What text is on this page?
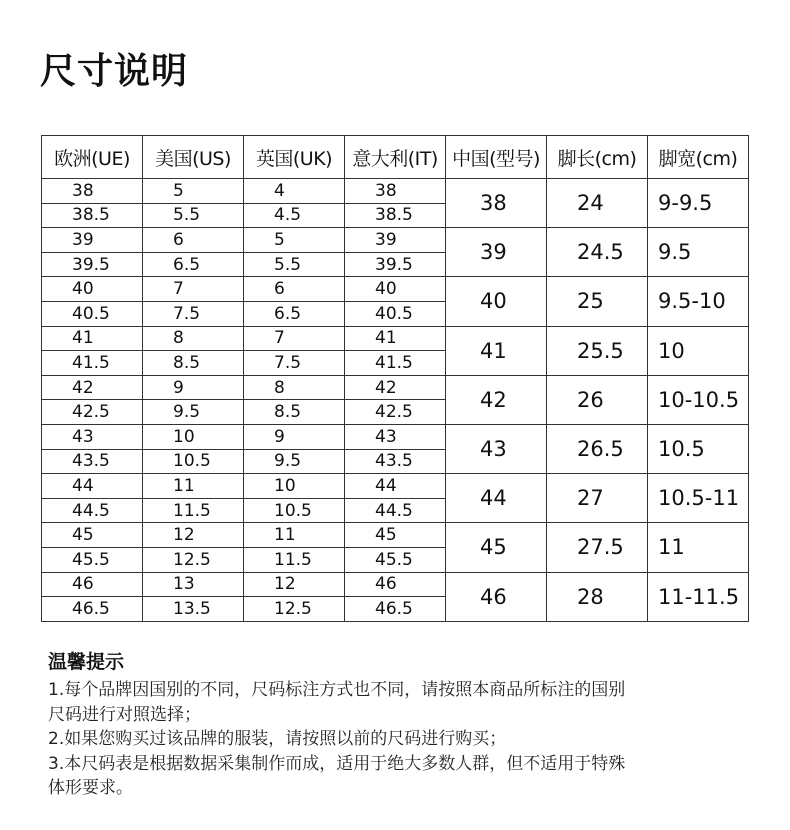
尺寸说明
欧洲(UE)	美国(US)	英国(UK)	意大利(IT)	中国(型号)	脚长(cm)	脚宽(cm)
38	5	4	38	38	24	9-9.5
38.5	5.5	4.5	38.5			
39	6	5	39	39	24.5	9.5
39.5	6.5	5.5	39.5			
40	7	6	40	40	25	9.5-10
40.5	7.5	6.5	40.5			
41	8	7	41	41	25.5	10
41.5	8.5	7.5	41.5			
42	9	8	42	42	26	10-10.5
42.5	9.5	8.5	42.5			
43	10	9	43	43	26.5	10.5
43.5	10.5	9.5	43.5			
44	11	10	44	44	27	10.5-11
44.5	11.5	10.5	44.5			
45	12	11	45	45	27.5	11
45.5	12.5	11.5	45.5			
46	13	12	46	46	28	11-11.5
46.5	13.5	12.5	46.5			
温馨提示
1.每个品牌因国别的不同，尺码标注方式也不同，请按照本商品所标注的国别
尺码进行对照选择；
2.如果您购买过该品牌的服装，请按照以前的尺码进行购买；
3.本尺码表是根据数据采集制作而成，适用于绝大多数人群，但不适用于特殊
体形要求。
